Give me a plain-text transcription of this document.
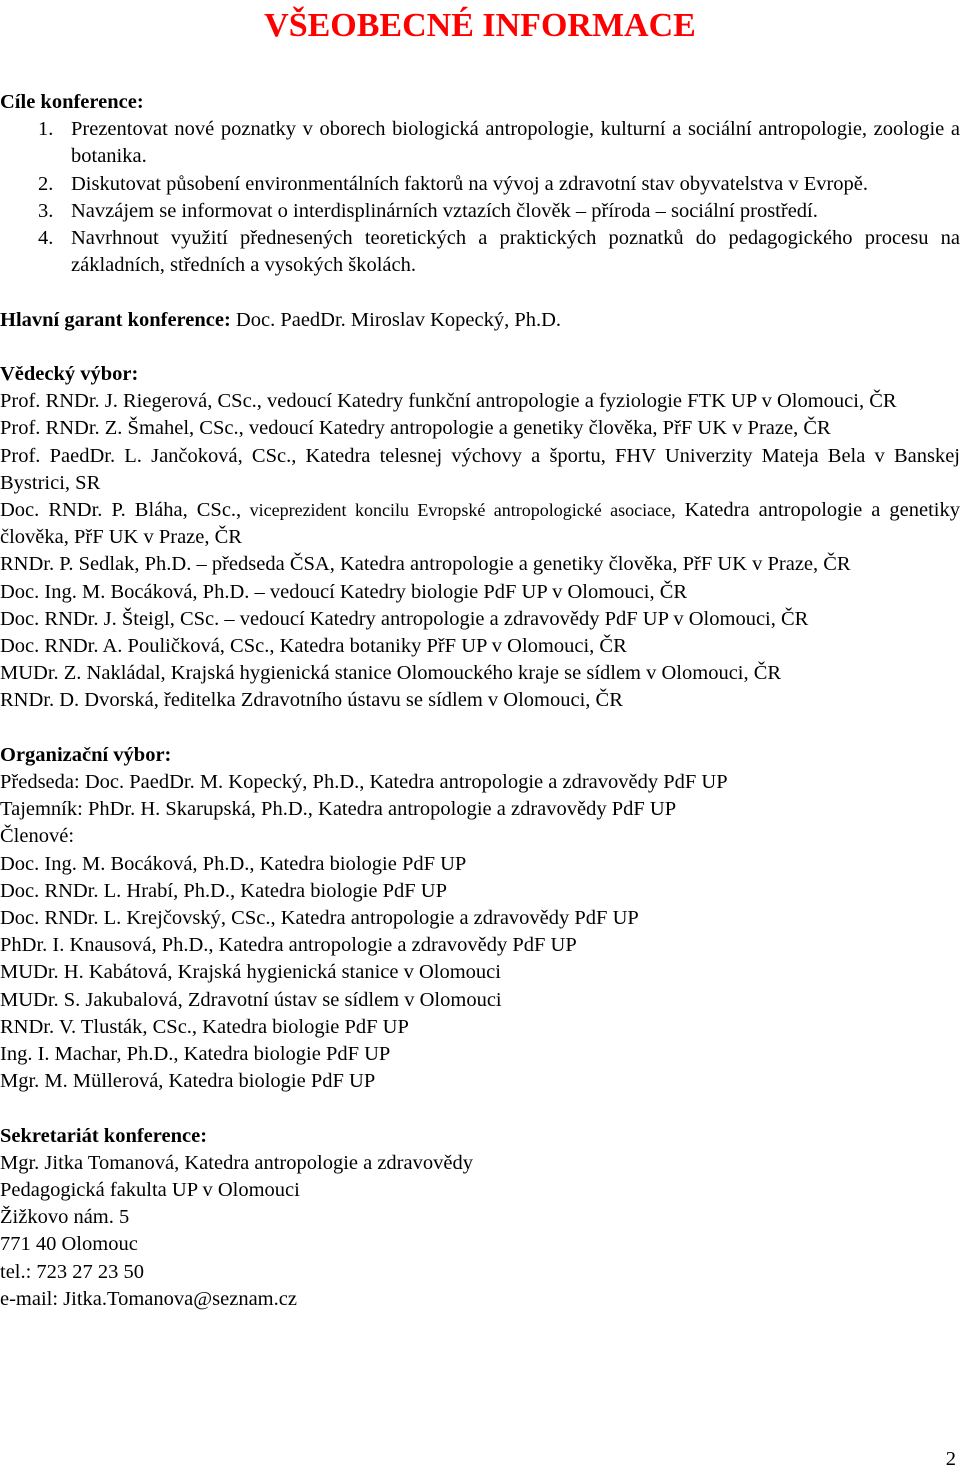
VŠEOBECNÉ INFORMACE

Cíle konference:

1. Prezentovat nové poznatky v oborech biologická antropologie, kulturní a sociální antropologie, zoologie a botanika.
2. Diskutovat působení environmentálních faktorů na vývoj a zdravotní stav obyvatelstva v Evropě.
3. Navzájem se informovat o interdisplinárních vztazích člověk – příroda – sociální prostředí.
4. Navrhnout využití přednesených teoretických a praktických poznatků do pedagogického procesu na základních, středních a vysokých školách.

Hlavní garant konference: Doc. PaedDr. Miroslav Kopecký, Ph.D.

Vědecký výbor:

Prof. RNDr. J. Riegerová, CSc., vedoucí Katedry funkční antropologie a fyziologie FTK UP v Olomouci, ČR

Prof. RNDr. Z. Šmahel, CSc., vedoucí Katedry antropologie a genetiky člověka, PřF UK v Praze, ČR

Prof. PaedDr. L. Jančoková, CSc., Katedra telesnej výchovy a športu, FHV Univerzity Mateja Bela v Banskej Bystrici, SR

Doc. RNDr. P. Bláha, CSc., viceprezident koncilu Evropské antropologické asociace, Katedra antropologie a genetiky člověka, PřF UK v Praze, ČR

RNDr. P. Sedlak, Ph.D. – předseda ČSA, Katedra antropologie a genetiky člověka, PřF UK v Praze, ČR

Doc. Ing. M. Bocáková, Ph.D. – vedoucí Katedry biologie PdF UP v Olomouci, ČR

Doc. RNDr. J. Šteigl, CSc. – vedoucí Katedry antropologie a zdravovědy PdF UP v Olomouci, ČR

Doc. RNDr. A. Pouličková, CSc., Katedra botaniky PřF UP v Olomouci, ČR

MUDr. Z. Nakládal, Krajská hygienická stanice Olomouckého kraje se sídlem v Olomouci, ČR

RNDr. D. Dvorská, ředitelka Zdravotního ústavu se sídlem v Olomouci, ČR

Organizační výbor:

Předseda: Doc. PaedDr. M. Kopecký, Ph.D., Katedra antropologie a zdravovědy PdF UP

Tajemník: PhDr. H. Skarupská, Ph.D., Katedra antropologie a zdravovědy PdF UP

Členové:

Doc. Ing. M. Bocáková, Ph.D., Katedra biologie PdF UP

Doc. RNDr. L. Hrabí, Ph.D., Katedra biologie PdF UP

Doc. RNDr. L. Krejčovský, CSc., Katedra antropologie a zdravovědy PdF UP

PhDr. I. Knausová, Ph.D., Katedra antropologie a zdravovědy PdF UP

MUDr. H. Kabátová, Krajská hygienická stanice v Olomouci

MUDr. S. Jakubalová, Zdravotní ústav se sídlem v Olomouci

RNDr. V. Tlusták, CSc., Katedra biologie PdF UP

Ing. I. Machar, Ph.D., Katedra biologie PdF UP

Mgr. M. Müllerová, Katedra biologie PdF UP

Sekretariát konference:

Mgr. Jitka Tomanová, Katedra antropologie a zdravovědy

Pedagogická fakulta UP v Olomouci

Žižkovo nám. 5

771 40 Olomouc

tel.: 723 27 23 50

e-mail: Jitka.Tomanova@seznam.cz

2
